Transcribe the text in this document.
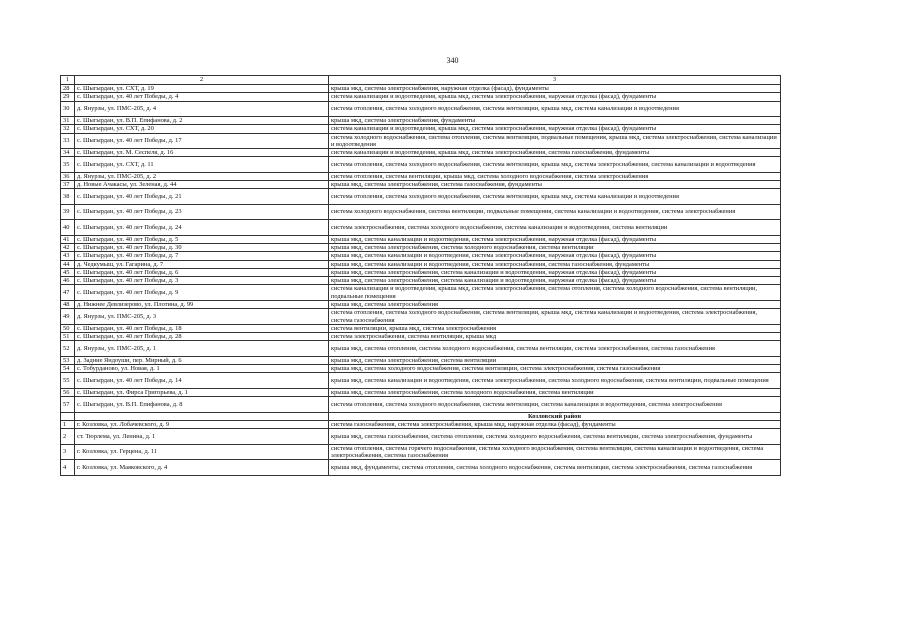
340
1	2	3
28	с. Шыгырдан, ул. СХТ, д. 19	крыша мкд, система электроснабжения, наружная отделка (фасад), фундаменты
29	с. Шыгырдан, ул. 40 лет Победы, д. 4	система канализации и водоотведения, крыша мкд, система электроснабжения, наружная отделка (фасад), фундаменты
30	д. Янурзы, ул. ПМС-205, д. 4	система отопления, система холодного водоснабжения, система вентиляции, крыша мкд, система канализации и водоотведения
31	с. Шыгырдан, ул. В.П. Епифанова, д. 2	крыша мкд, система электроснабжения, фундаменты
32	с. Шыгырдан, ул. СХТ, д. 20	система канализации и водоотведения, крыша мкд, система электроснабжения, наружная отделка (фасад), фундаменты
33	с. Шыгырдан, ул. 40 лет Победы, д. 17	система холодного водоснабжения, система отопления, система вентиляции, подвальные помещения, крыша мкд, система электроснабжения, система канализации и водоотведения
34	с. Шыгырдан, ул. М. Сеспеля, д. 16	система канализации и водоотведения, крыша мкд, система электроснабжения, система газоснабжения, фундаменты
35	с. Шыгырдан, ул. СХТ, д. 11	система отопления, система холодного водоснабжения, система вентиляции, крыша мкд, система электроснабжения, система канализации и водоотведения
36	д. Янурзы, ул. ПМС-205, д. 2	система отопления, система вентиляции, крыша мкд, система холодного водоснабжения, система электроснабжения
37	д. Новые Ачакасы, ул. Зеленая, д. 44	крыша мкд, система электроснабжения, система газоснабжения, фундаменты
38	с. Шыгырдан, ул. 40 лет Победы, д. 21	система отопления, система холодного водоснабжения, система вентиляции, крыша мкд, система канализации и водоотведения
39	с. Шыгырдан, ул. 40 лет Победы, д. 23	система холодного водоснабжения, система вентиляции, подвальные помещения, система канализации и водоотведения, система электроснабжения
40	с. Шыгырдан, ул. 40 лет Победы, д. 24	система электроснабжения, система холодного водоснабжения, система канализации и водоотведения, система вентиляции
41	с. Шыгырдан, ул. 40 лет Победы, д. 5	крыша мкд, система канализации и водоотведения, система электроснабжения, наружная отделка (фасад), фундаменты
42	с. Шыгырдан, ул. 40 лет Победы, д. 30	крыша мкд, система электроснабжения, система холодного водоснабжения, система вентиляции
43	с. Шыгырдан, ул. 40 лет Победы, д. 7	крыша мкд, система канализации и водоотведения, система электроснабжения, наружная отделка (фасад), фундаменты
44	д. Чедкумыш, ул. Гагарина, д. 7	крыша мкд, система канализации и водоотведения, система электроснабжения, система газоснабжения, фундаменты
45	с. Шыгырдан, ул. 40 лет Победы, д. 6	крыша мкд, система электроснабжения, система канализации и водоотведения, наружная отделка (фасад), фундаменты
46	с. Шыгырдан, ул. 40 лет Победы, д. 3	крыша мкд, система электроснабжения, система канализации и водоотведения, наружная отделка (фасад), фундаменты
47	с. Шыгырдан, ул. 40 лет Победы, д. 9	система канализации и водоотведения, крыша мкд, система электроснабжения, система отопления, система холодного водоснабжения, система вентиляции, подвальные помещения
48	д. Нижнее Девлизерово, ул. Плотина, д. 99	крыша мкд, система электроснабжения
49	д. Янурзы, ул. ПМС-205, д. 3	система отопления, система холодного водоснабжения, система вентиляции, крыша мкд, система канализации и водоотведения, система электроснабжения, система газоснабжения
50	с. Шыгырдан, ул. 40 лет Победы, д. 18	система вентиляции, крыша мкд, система электроснабжения
51	с. Шыгырдан, ул. 40 лет Победы, д. 28	система электроснабжения, система вентиляции, крыша мкд
52	д. Янурзы, ул. ПМС-205, д. 1	крыша мкд, система отопления, система холодного водоснабжения, система вентиляции, система электроснабжения, система газоснабжения
53	д. Задние Яндоуши, пер. Мирный, д. 6	крыша мкд, система электроснабжения, система вентиляции
54	с. Тобурданово, ул. Новая, д. 1	крыша мкд, система холодного водоснабжения, система вентиляции, система электроснабжения, система газоснабжения
55	с. Шыгырдан, ул. 40 лет Победы, д. 14	крыша мкд, система канализации и водоотведения, система электроснабжения, система холодного водоснабжения, система вентиляции, подвальные помещения
56	с. Шыгырдан, ул. Фирса Григорьева, д. 1	крыша мкд, система электроснабжения, система холодного водоснабжения, система вентиляции
57	с. Шыгырдан, ул. В.П. Епифанова, д. 8	система отопления, система холодного водоснабжения, система вентиляции, система канализации и водоотведения, система электроснабжения
		Козловский район
1	г. Козловка, ул. Лобачевского, д. 9	система газоснабжения, система электроснабжения, крыша мкд, наружная отделка (фасад), фундаменты
2	ст. Тюрлема, ул. Ленина, д. 1	крыша мкд, система газоснабжения, система отопления, система холодного водоснабжения, система вентиляции, система электроснабжения, фундаменты
3	г. Козловка, ул. Герцена, д. 11	система отопления, система горячего водоснабжения, система холодного водоснабжения, система вентиляции, система канализации и водоотведения, система электроснабжения, система газоснабжения
4	г. Козловка, ул. Маяковского, д. 4	крыша мкд, фундаменты, система отопления, система холодного водоснабжения, система вентиляции, система электроснабжения, система газоснабжения
